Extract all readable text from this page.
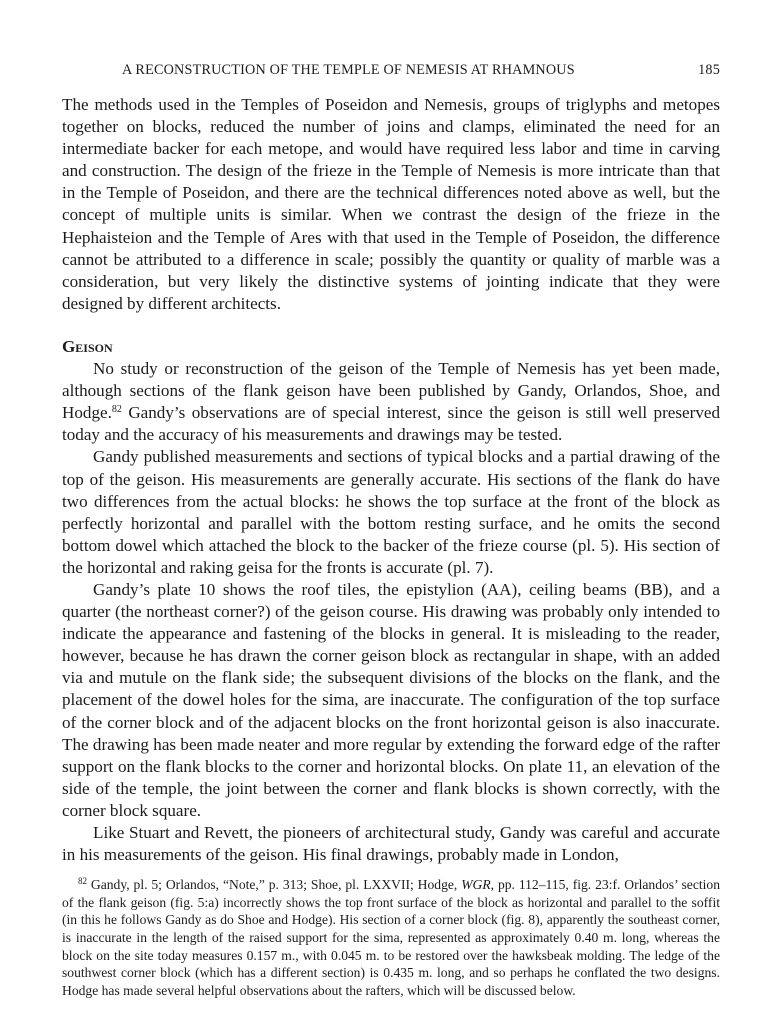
A RECONSTRUCTION OF THE TEMPLE OF NEMESIS AT RHAMNOUS	185

The methods used in the Temples of Poseidon and Nemesis, groups of triglyphs and metopes together on blocks, reduced the number of joins and clamps, eliminated the need for an intermediate backer for each metope, and would have required less labor and time in carving and construction. The design of the frieze in the Temple of Nemesis is more intricate than that in the Temple of Poseidon, and there are the technical differences noted above as well, but the concept of multiple units is similar. When we contrast the design of the frieze in the Hephaisteion and the Temple of Ares with that used in the Temple of Poseidon, the difference cannot be attributed to a difference in scale; possibly the quantity or quality of marble was a consideration, but very likely the distinctive systems of jointing indicate that they were designed by different architects.

Geison

No study or reconstruction of the geison of the Temple of Nemesis has yet been made, although sections of the flank geison have been published by Gandy, Orlandos, Shoe, and Hodge.$^{82}$ Gandy’s observations are of special interest, since the geison is still well preserved today and the accuracy of his measurements and drawings may be tested.

Gandy published measurements and sections of typical blocks and a partial drawing of the top of the geison. His measurements are generally accurate. His sections of the flank do have two differences from the actual blocks: he shows the top surface at the front of the block as perfectly horizontal and parallel with the bottom resting surface, and he omits the second bottom dowel which attached the block to the backer of the frieze course (pl. 5). His section of the horizontal and raking geisa for the fronts is accurate (pl. 7).

Gandy’s plate 10 shows the roof tiles, the epistylion (AA), ceiling beams (BB), and a quarter (the northeast corner?) of the geison course. His drawing was probably only intended to indicate the appearance and fastening of the blocks in general. It is misleading to the reader, however, because he has drawn the corner geison block as rectangular in shape, with an added via and mutule on the flank side; the subsequent divisions of the blocks on the flank, and the placement of the dowel holes for the sima, are inaccurate. The configuration of the top surface of the corner block and of the adjacent blocks on the front horizontal geison is also inaccurate. The drawing has been made neater and more regular by extending the forward edge of the rafter support on the flank blocks to the corner and horizontal blocks. On plate 11, an elevation of the side of the temple, the joint between the corner and flank blocks is shown correctly, with the corner block square.

Like Stuart and Revett, the pioneers of architectural study, Gandy was careful and accurate in his measurements of the geison. His final drawings, probably made in London,

$^{82}$ Gandy, pl. 5; Orlandos, “Note,” p. 313; Shoe, pl. LXXVII; Hodge, WGR, pp. 112–115, fig. 23:f. Orlandos’ section of the flank geison (fig. 5:a) incorrectly shows the top front surface of the block as horizontal and parallel to the soffit (in this he follows Gandy as do Shoe and Hodge). His section of a corner block (fig. 8), apparently the southeast corner, is inaccurate in the length of the raised support for the sima, represented as approximately 0.40 m. long, whereas the block on the site today measures 0.157 m., with 0.045 m. to be restored over the hawksbeak molding. The ledge of the southwest corner block (which has a different section) is 0.435 m. long, and so perhaps he conflated the two designs. Hodge has made several helpful observations about the rafters, which will be discussed below.
